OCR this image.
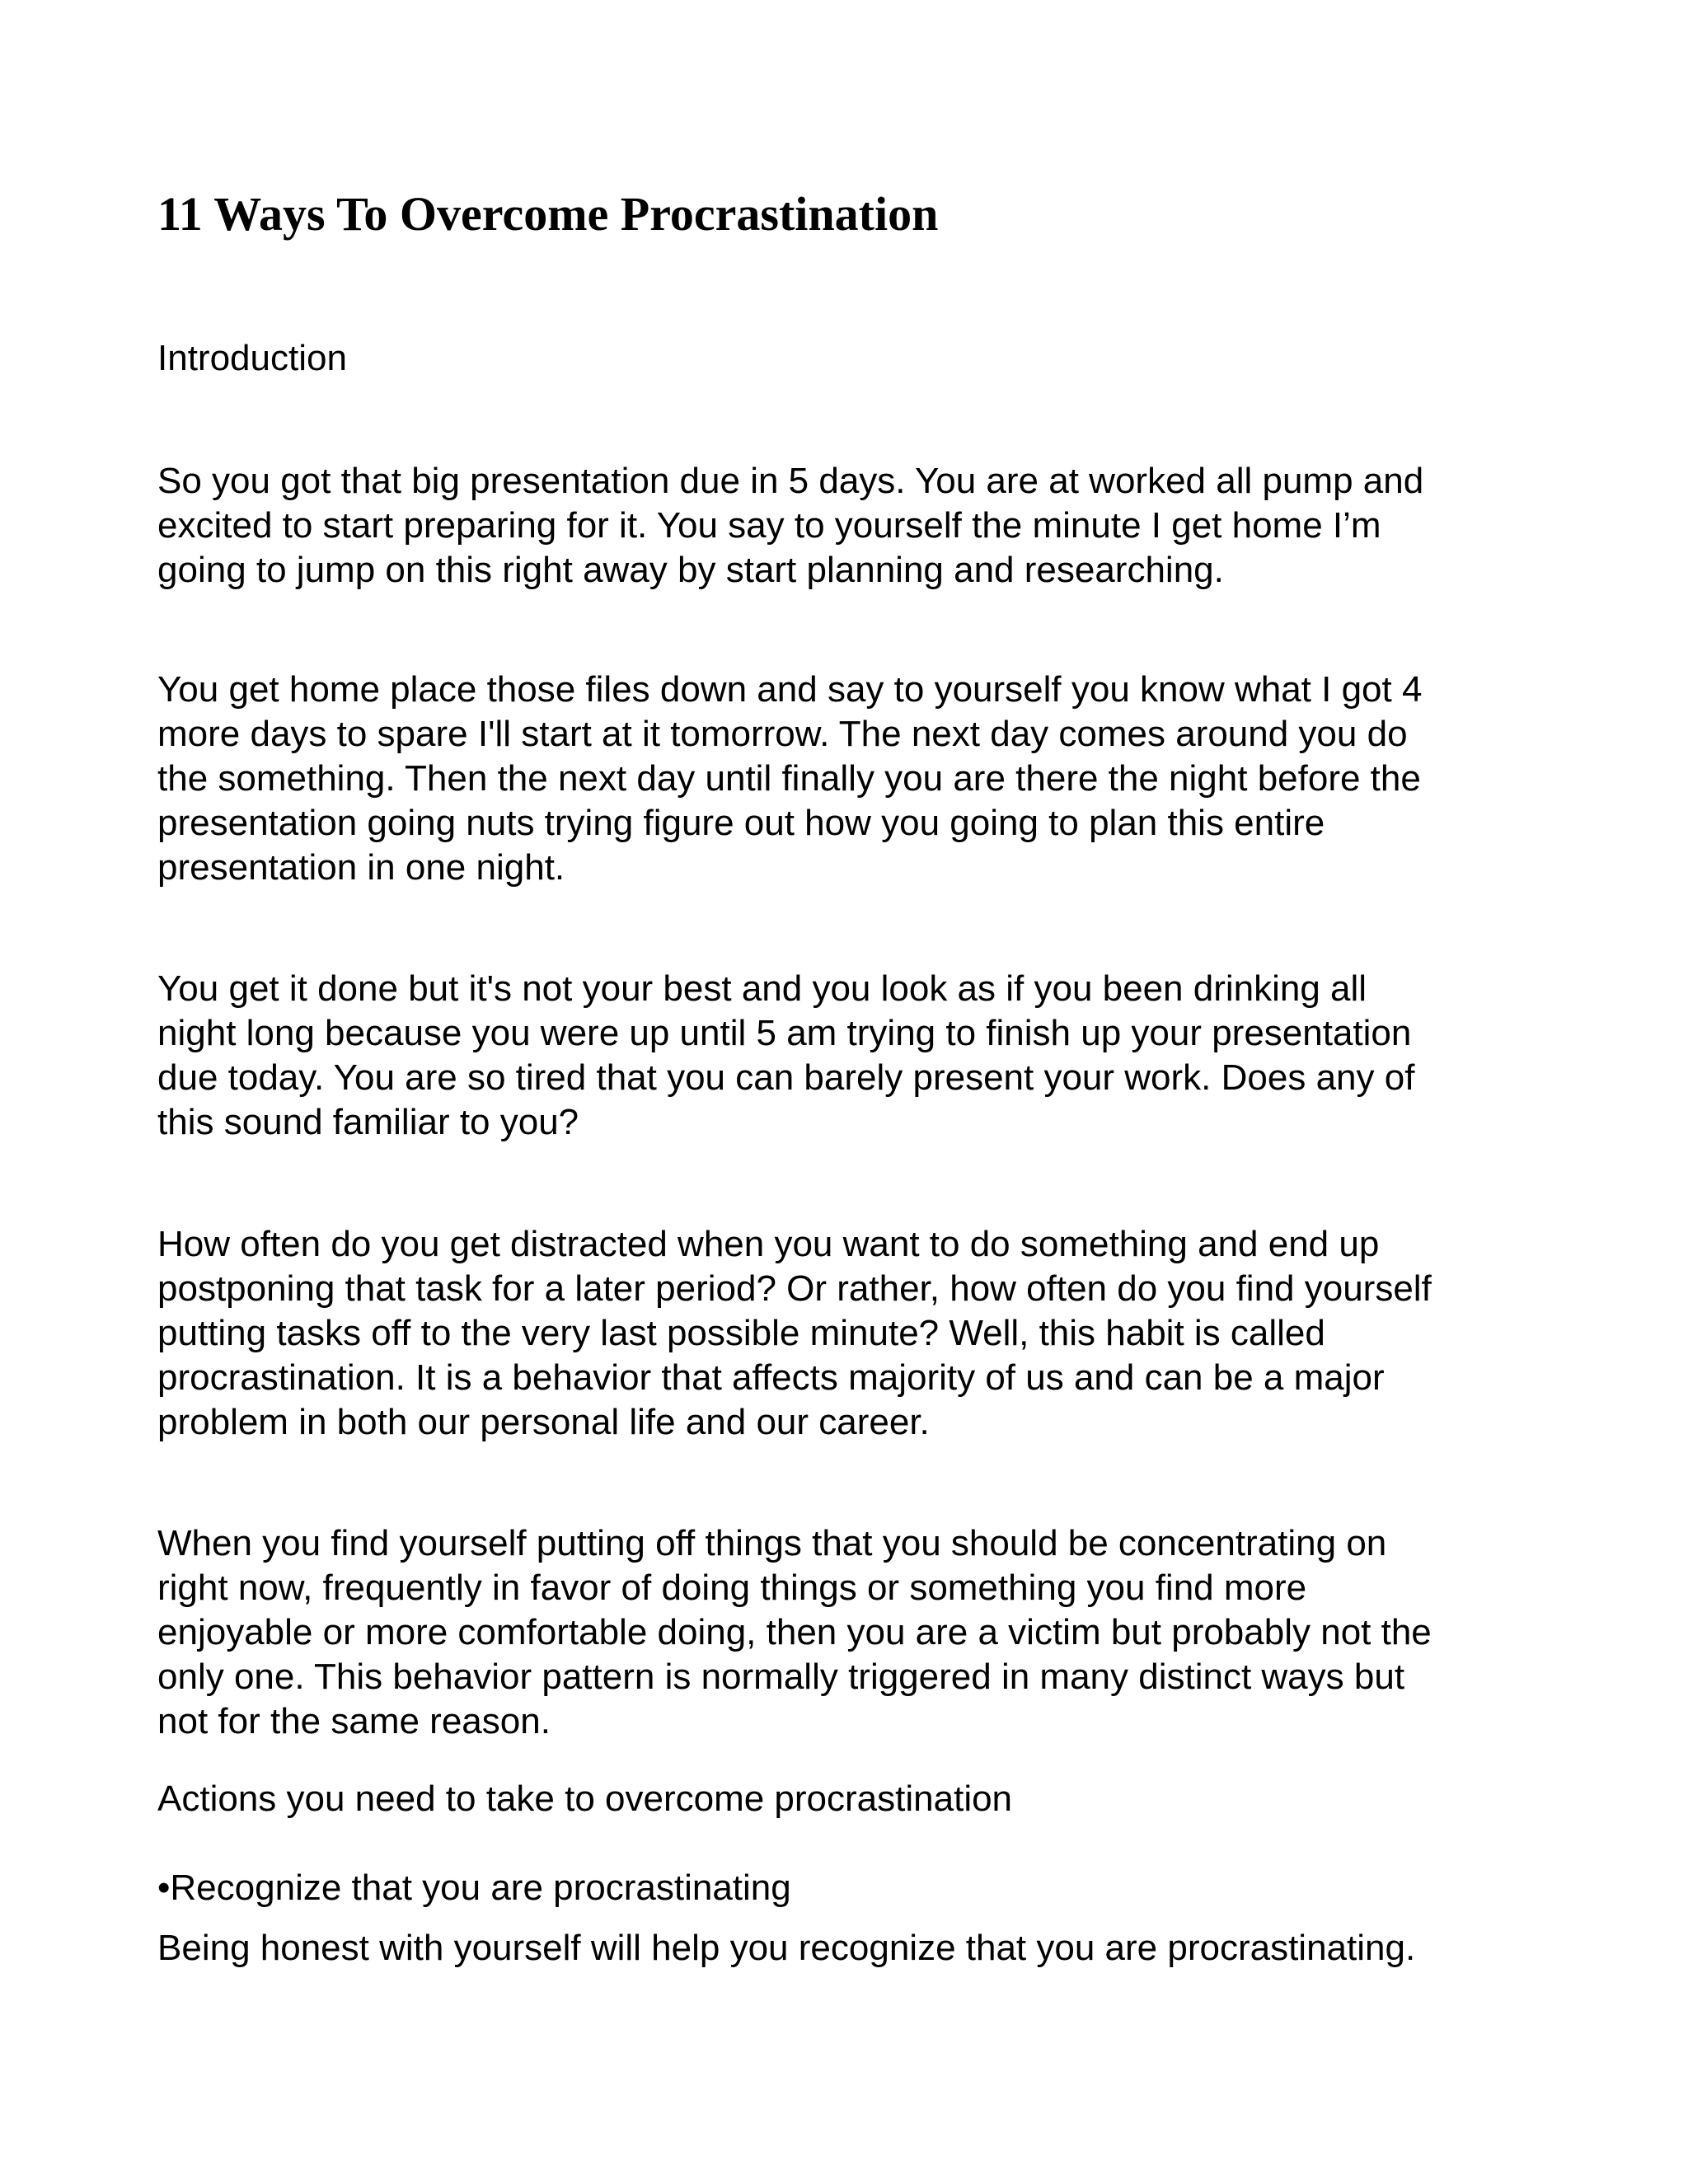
11 Ways To Overcome Procrastination

Introduction

So you got that big presentation due in 5 days. You are at worked all pump and
excited to start preparing for it. You say to yourself the minute I get home I’m
going to jump on this right away by start planning and researching.

You get home place those files down and say to yourself you know what I got 4
more days to spare I'll start at it tomorrow. The next day comes around you do
the something. Then the next day until finally you are there the night before the
presentation going nuts trying figure out how you going to plan this entire
presentation in one night.

You get it done but it's not your best and you look as if you been drinking all
night long because you were up until 5 am trying to finish up your presentation
due today. You are so tired that you can barely present your work. Does any of
this sound familiar to you?

How often do you get distracted when you want to do something and end up
postponing that task for a later period? Or rather, how often do you find yourself
putting tasks off to the very last possible minute? Well, this habit is called
procrastination. It is a behavior that affects majority of us and can be a major
problem in both our personal life and our career.

When you find yourself putting off things that you should be concentrating on
right now, frequently in favor of doing things or something you find more
enjoyable or more comfortable doing, then you are a victim but probably not the
only one. This behavior pattern is normally triggered in many distinct ways but
not for the same reason.

Actions you need to take to overcome procrastination

•Recognize that you are procrastinating

Being honest with yourself will help you recognize that you are procrastinating.
